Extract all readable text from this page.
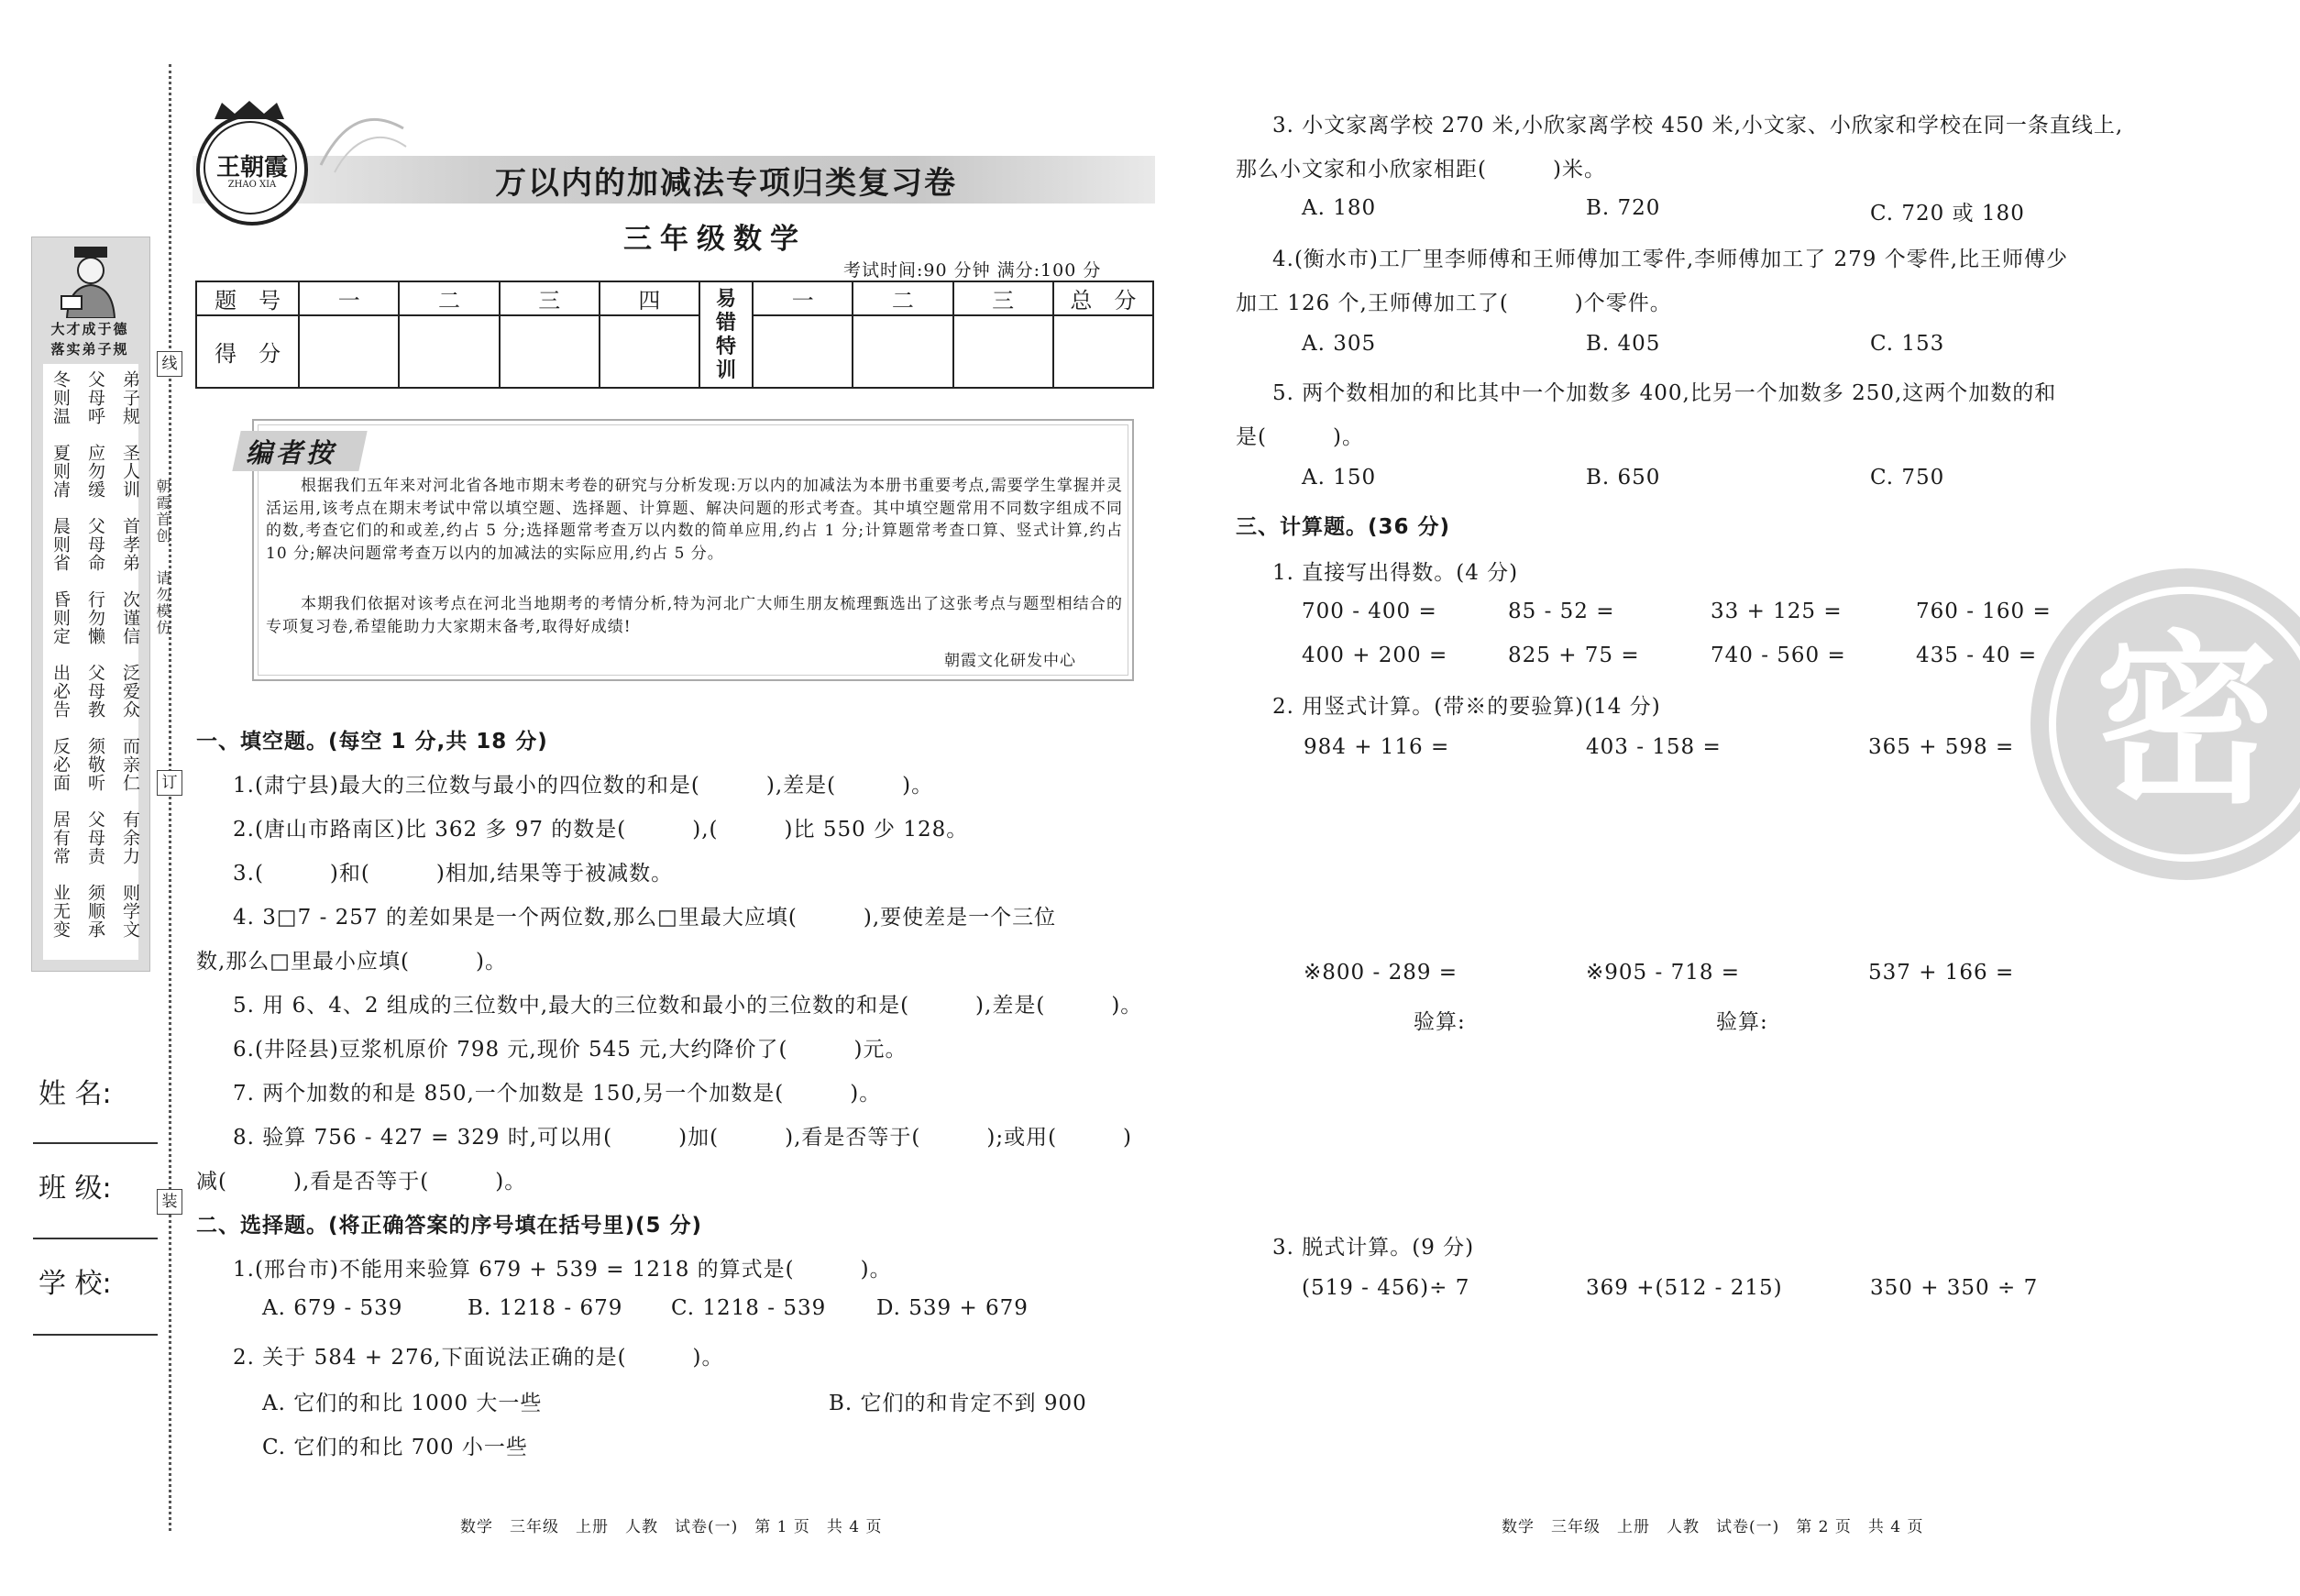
线
订
装
朝霞首创
请勿模仿
大才成于德
落实弟子规
弟子规
圣人训
首孝弟
次谨信
泛爱众
而亲仁
有余力
则学文
父母呼
应勿缓
父母命
行勿懒
父母教
须敬听
父母责
须顺承
冬则温
夏则凊
晨则省
昏则定
出必告
反必面
居有常
业无变
姓 名:
班 级:
学 校:
王朝霞
ZHAO XIA	万以内的加减法专项归类复习卷
三年级数学
考试时间:90 分钟 满分:100 分
题　号	一	二	三	四	易错特训	一	二	三	总　分
得　分									
编者按
根据我们五年来对河北省各地市期末考卷的研究与分析发现:万以内的加减法为本册书重要考点,需要学生掌握并灵活运用,该考点在期末考试中常以填空题、选择题、计算题、解决问题的形式考查。其中填空题常用不同数字组成不同的数,考查它们的和或差,约占 5 分;选择题常考查万以内数的简单应用,约占 1 分;计算题常考查口算、竖式计算,约占 10 分;解决问题常考查万以内的加减法的实际应用,约占 5 分。
本期我们依据对该考点在河北当地期考的考情分析,特为河北广大师生朋友梳理甄选出了这张考点与题型相结合的专项复习卷,希望能助力大家期末备考,取得好成绩!
朝霞文化研发中心
一、填空题。(每空 1 分,共 18 分)
1.(肃宁县)最大的三位数与最小的四位数的和是(　　　),差是(　　　)。
2.(唐山市路南区)比 362 多 97 的数是(　　　),(　　　)比 550 少 128。
3.(　　　)和(　　　)相加,结果等于被减数。
4. 3□7 - 257 的差如果是一个两位数,那么□里最大应填(　　　),要使差是一个三位
数,那么□里最小应填(　　　)。
5. 用 6、4、2 组成的三位数中,最大的三位数和最小的三位数的和是(　　　),差是(　　　)。
6.(井陉县)豆浆机原价 798 元,现价 545 元,大约降价了(　　　)元。
7. 两个加数的和是 850,一个加数是 150,另一个加数是(　　　)。
8. 验算 756 - 427 = 329 时,可以用(　　　)加(　　　),看是否等于(　　　);或用(　　　)
减(　　　),看是否等于(　　　)。
二、选择题。(将正确答案的序号填在括号里)(5 分)
1.(邢台市)不能用来验算 679 + 539 = 1218 的算式是(　　　)。
A. 679 - 539	B. 1218 - 679 C. 1218 - 539 D. 539 + 679
2. 关于 584 + 276,下面说法正确的是(　　　)。
A. 它们的和比 1000 大一些	B. 它们的和肯定不到 900
C. 它们的和比 700 小一些
数学　三年级　上册　人教　试卷(一)　第 1 页　共 4 页
3. 小文家离学校 270 米,小欣家离学校 450 米,小文家、小欣家和学校在同一条直线上,
那么小文家和小欣家相距(　　　)米。
A. 180	B. 720	C. 720 或 180
4.(衡水市)工厂里李师傅和王师傅加工零件,李师傅加工了 279 个零件,比王师傅少
加工 126 个,王师傅加工了(　　　)个零件。
A. 305	B. 405	C. 153
5. 两个数相加的和比其中一个加数多 400,比另一个加数多 250,这两个加数的和
是(　　　)。
A. 150	B. 650	C. 750
三、计算题。(36 分)
1. 直接写出得数。(4 分)
700 - 400 =	85 - 52 =	33 + 125 =	760 - 160 =
400 + 200 =	825 + 75 =	740 - 560 =	435 - 40 =
2. 用竖式计算。(带※的要验算)(14 分)
984 + 116 =	403 - 158 =	365 + 598 =
※800 - 289 =	※905 - 718 =	537 + 166 =
验算:	验算:
3. 脱式计算。(9 分)
(519 - 456)÷ 7	369 +(512 - 215)	350 + 350 ÷ 7
密
数学　三年级　上册　人教　试卷(一)　第 2 页　共 4 页
